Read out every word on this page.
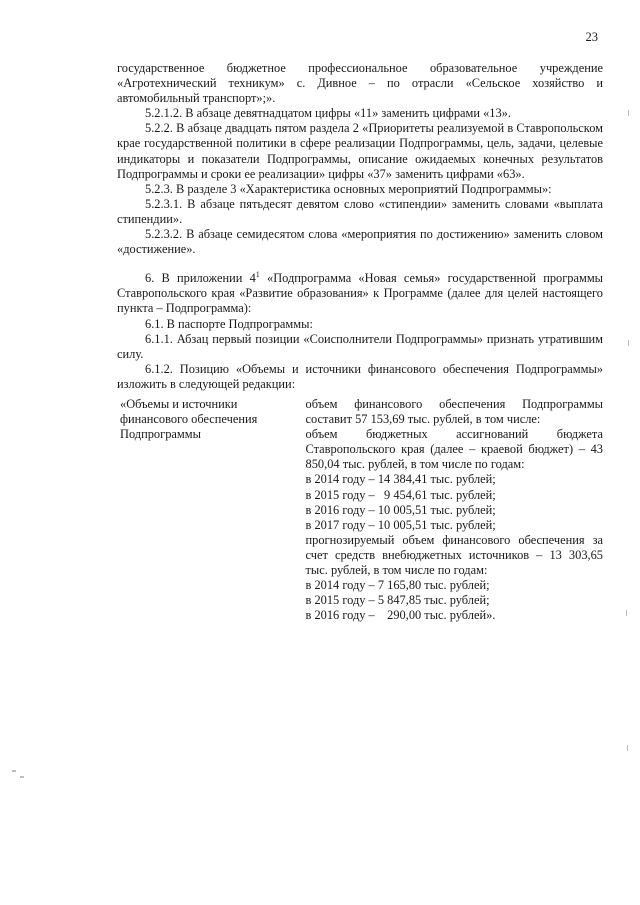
23

государственное бюджетное профессиональное образовательное учреждение «Агротехнический техникум» с. Дивное – по отрасли «Сельское хозяйство и автомобильный транспорт»;».

5.2.1.2. В абзаце девятнадцатом цифры «11» заменить цифрами «13».

5.2.2. В абзаце двадцать пятом раздела 2 «Приоритеты реализуемой в Ставропольском крае государственной политики в сфере реализации Подпрограммы, цель, задачи, целевые индикаторы и показатели Подпрограммы, описание ожидаемых конечных результатов Подпрограммы и сроки ее реализации» цифры «37» заменить цифрами «63».

5.2.3. В разделе 3 «Характеристика основных мероприятий Подпрограммы»:

5.2.3.1. В абзаце пятьдесят девятом слово «стипендии» заменить словами «выплата стипендии».

5.2.3.2. В абзаце семидесятом слова «мероприятия по достижению» заменить словом «достижение».

6. В приложении $4^1$ «Подпрограмма «Новая семья» государственной программы Ставропольского края «Развитие образования» к Программе (далее для целей настоящего пункта – Подпрограмма):

6.1. В паспорте Подпрограммы:

6.1.1. Абзац первый позиции «Соисполнители Подпрограммы» признать утратившим силу.

6.1.2. Позицию «Объемы и источники финансового обеспечения Подпрограммы» изложить в следующей редакции:

«Объемы и источники финансового обеспечения Подпрограммы

объем финансового обеспечения Подпрограммы составит 57 153,69 тыс. рублей, в том числе:

объем бюджетных ассигнований бюджета Ставропольского края (далее – краевой бюджет) – 43 850,04 тыс. рублей, в том числе по годам:

в 2014 году – 14 384,41 тыс. рублей;
в 2015 году –   9 454,61 тыс. рублей;
в 2016 году – 10 005,51 тыс. рублей;
в 2017 году – 10 005,51 тыс. рублей;

прогнозируемый объем финансового обеспечения за счет средств внебюджетных источников – 13 303,65 тыс. рублей, в том числе по годам:

в 2014 году – 7 165,80 тыс. рублей;
в 2015 году – 5 847,85 тыс. рублей;
в 2016 году –    290,00 тыс. рублей».
